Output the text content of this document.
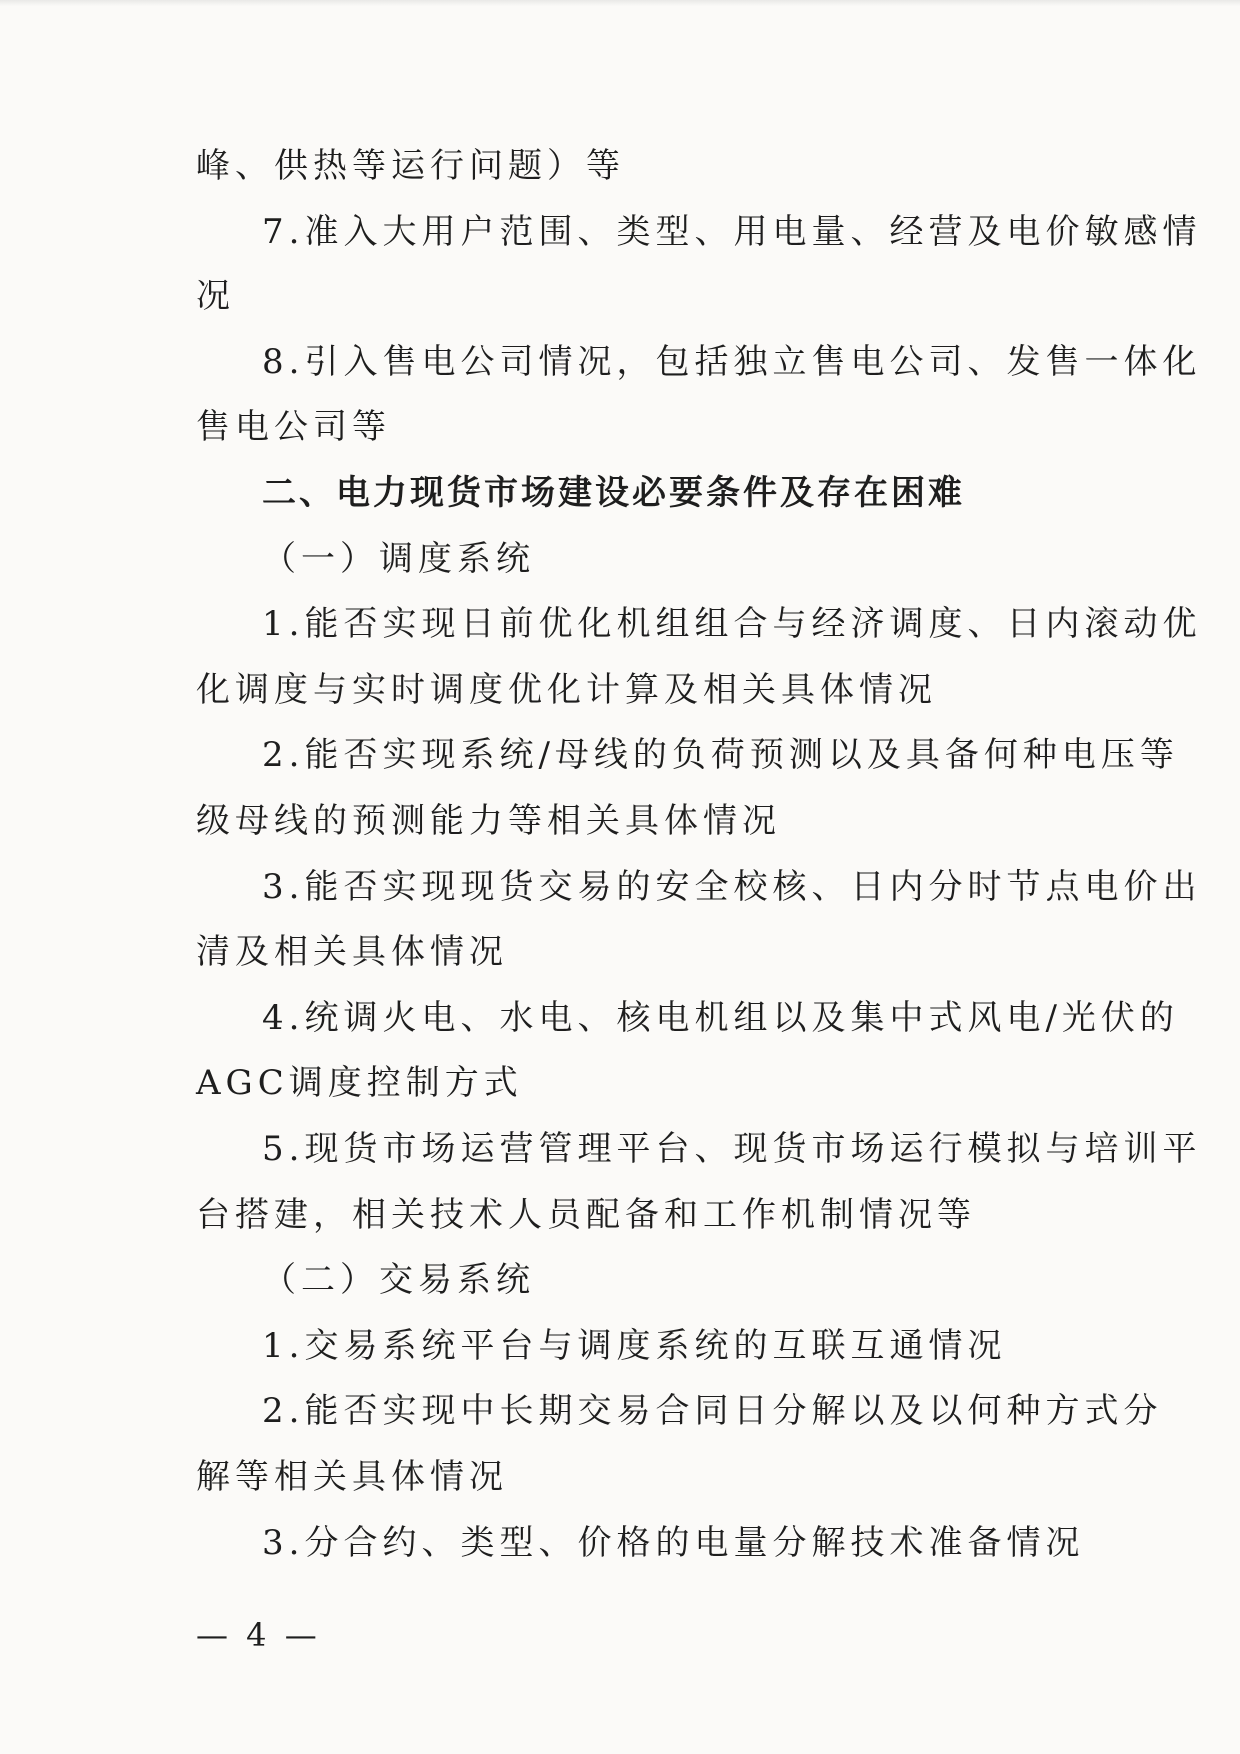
峰、供热等运行问题）等
7.准入大用户范围、类型、用电量、经营及电价敏感情
况
8.引入售电公司情况，包括独立售电公司、发售一体化
售电公司等
二、电力现货市场建设必要条件及存在困难
（一）调度系统
1.能否实现日前优化机组组合与经济调度、日内滚动优
化调度与实时调度优化计算及相关具体情况
2.能否实现系统/母线的负荷预测以及具备何种电压等
级母线的预测能力等相关具体情况
3.能否实现现货交易的安全校核、日内分时节点电价出
清及相关具体情况
4.统调火电、水电、核电机组以及集中式风电/光伏的
AGC调度控制方式
5.现货市场运营管理平台、现货市场运行模拟与培训平
台搭建，相关技术人员配备和工作机制情况等
（二）交易系统
1.交易系统平台与调度系统的互联互通情况
2.能否实现中长期交易合同日分解以及以何种方式分
解等相关具体情况
3.分合约、类型、价格的电量分解技术准备情况
— 4 —
